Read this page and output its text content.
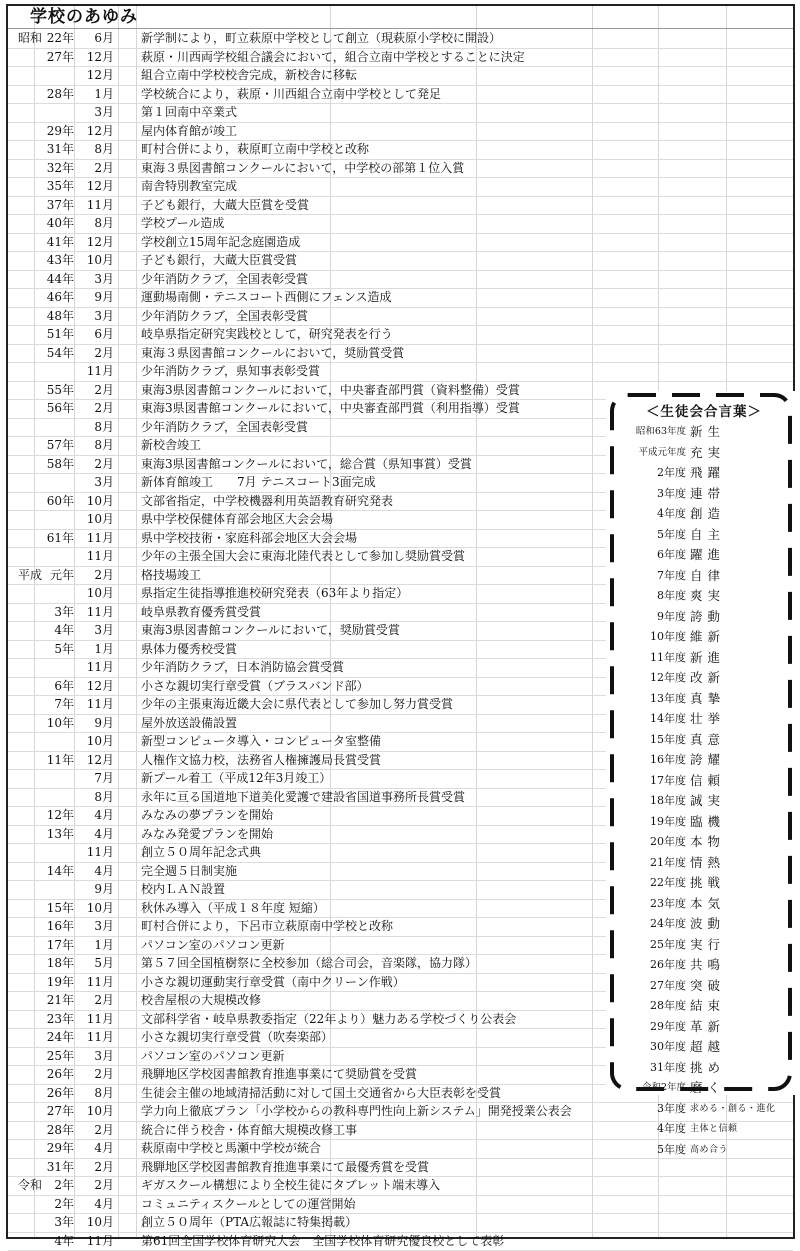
学校のあゆみ
昭和 22年	6月 新学制により，町立萩原中学校として創立（現萩原小学校に開設）
27年	12月 萩原・川西両学校組合議会において，組合立南中学校とすることに決定
12月 組合立南中学校校舎完成，新校舎に移転
28年	1月 学校統合により，萩原・川西組合立南中学校として発足
3月 第１回南中卒業式
29年	12月 屋内体育館が竣工
31年	8月 町村合併により，萩原町立南中学校と改称
32年	2月 東海３県図書館コンクールにおいて，中学校の部第１位入賞
35年	12月 南舎特別教室完成
37年	11月 子ども銀行，大蔵大臣賞を受賞
40年	8月 学校プール造成
41年	12月 学校創立15周年記念庭園造成
43年	10月 子ども銀行，大蔵大臣賞受賞
44年	3月 少年消防クラブ，全国表彰受賞
46年	9月 運動場南側・テニスコート西側にフェンス造成
48年	3月 少年消防クラブ，全国表彰受賞
51年	6月 岐阜県指定研究実践校として，研究発表を行う
54年	2月 東海３県図書館コンクールにおいて，奨励賞受賞
11月 少年消防クラブ，県知事表彰受賞
55年	2月 東海3県図書館コンクールにおいて，中央審査部門賞（資料整備）受賞
56年	2月 東海3県図書館コンクールにおいて，中央審査部門賞（利用指導）受賞
8月 少年消防クラブ，全国表彰受賞
57年	8月 新校舎竣工
58年	2月 東海3県図書館コンクールにおいて，総合賞（県知事賞）受賞
3月 新体育館竣工　　7月 テニスコート3面完成
60年	10月 文部省指定，中学校機器利用英語教育研究発表
10月 県中学校保健体育部会地区大会会場
61年	11月 県中学校技術・家庭科部会地区大会会場
11月 少年の主張全国大会に東海北陸代表として参加し奨励賞受賞
平成 元年	2月 格技場竣工
10月 県指定生徒指導推進校研究発表（63年より指定）
3年	11月 岐阜県教育優秀賞受賞
4年	3月 東海3県図書館コンクールにおいて，奨励賞受賞
5年	1月 県体力優秀校受賞
11月 少年消防クラブ，日本消防協会賞受賞
6年	12月 小さな親切実行章受賞（ブラスバンド部）
7年	11月 少年の主張東海近畿大会に県代表として参加し努力賞受賞
10年	9月 屋外放送設備設置
10月 新型コンピュータ導入・コンピュータ室整備
11年	12月 人権作文協力校，法務省人権擁護局長賞受賞
7月 新プール着工（平成12年3月竣工）
8月 永年に亘る国道地下道美化愛護で建設省国道事務所長賞受賞
12年	4月 みなみの夢プランを開始
13年	4月 みなみ発愛プランを開始
11月 創立５０周年記念式典
14年	4月 完全週５日制実施
9月 校内ＬＡＮ設置
15年	10月 秋休み導入（平成１８年度 短縮）
16年	3月 町村合併により，下呂市立萩原南中学校と改称
17年	1月 パソコン室のパソコン更新
18年	5月 第５７回全国植樹祭に全校参加（総合司会，音楽隊，協力隊）
19年	11月 小さな親切運動実行章受賞（南中クリーン作戦）
21年	2月 校舎屋根の大規模改修
23年	11月 文部科学省・岐阜県教委指定（22年より）魅力ある学校づくり公表会
24年	11月 小さな親切実行章受賞（吹奏楽部）
25年	3月 パソコン室のパソコン更新
26年	2月 飛騨地区学校図書館教育推進事業にて奨励賞を受賞
26年	8月 生徒会主催の地域清掃活動に対して国土交通省から大臣表彰を受賞
27年	10月 学力向上徹底プラン「小学校からの教科専門性向上新システム」開発授業公表会
28年	2月 統合に伴う校舎・体育館大規模改修工事
29年	4月 萩原南中学校と馬瀬中学校が統合
31年	2月 飛騨地区学校図書館教育推進事業にて最優秀賞を受賞
令和	2年	2月 ギガスクール構想により全校生徒にタブレット端末導入
2年	4月 コミュニティスクールとしての運営開始
3年	10月 創立５０周年（PTA広報誌に特集掲載）
4年	11月 第61回全国学校体育研究大会　全国学校体育研究優良校として表彰
＜生徒会合言葉＞
昭和63年度 新生
平成元年度 充実
2年度 飛躍
3年度 連帯
4年度 創造
5年度 自主
6年度 躍進
7年度 自律
8年度 爽実
9年度 誇動
10年度 維新
11年度 新進
12年度 改新
13年度 真摯
14年度 壮挙
15年度 真意
16年度 誇耀
17年度 信頼
18年度 誠実
19年度 臨機
20年度 本物
21年度 情熱
22年度 挑戦
23年度 本気
24年度 波動
25年度 実行
26年度 共鳴
27年度 突破
28年度 結束
29年度 革新
30年度 超越
31年度 挑め
令和2年度 磨く
3年度 求める・創る・進化
4年度 主体と信頼
5年度 高め合う
